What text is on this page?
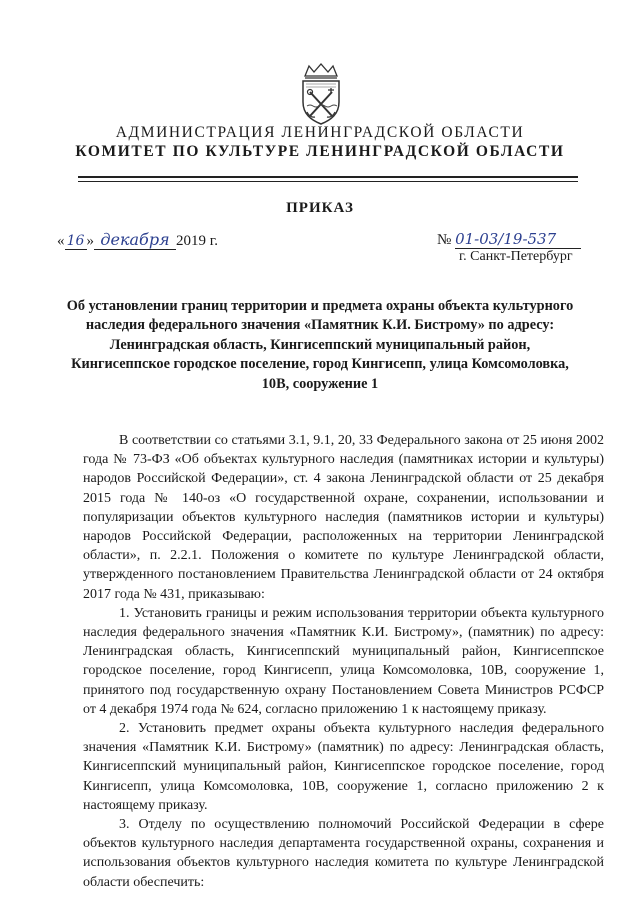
АДМИНИСТРАЦИЯ ЛЕНИНГРАДСКОЙ ОБЛАСТИ
КОМИТЕТ ПО КУЛЬТУРЕ ЛЕНИНГРАДСКОЙ ОБЛАСТИ
ПРИКАЗ
« 16 » декабря 2019 г.	№ 01-03/19-537
г. Санкт-Петербург
Об установлении границ территории и предмета охраны объекта культурного наследия федерального значения «Памятник К.И. Бистрому» по адресу: Ленинградская область, Кингисеппский муниципальный район, Кингисеппское городское поселение, город Кингисепп, улица Комсомоловка, 10В, сооружение 1

В соответствии со статьями 3.1, 9.1, 20, 33 Федерального закона от 25 июня 2002 года № 73-ФЗ «Об объектах культурного наследия (памятниках истории и культуры) народов Российской Федерации», ст. 4 закона Ленинградской области от 25 декабря 2015 года № 140-оз «О государственной охране, сохранении, использовании и популяризации объектов культурного наследия (памятников истории и культуры) народов Российской Федерации, расположенных на территории Ленинградской области», п. 2.2.1. Положения о комитете по культуре Ленинградской области, утвержденного постановлением Правительства Ленинградской области от 24 октября 2017 года № 431, приказываю:

1. Установить границы и режим использования территории объекта культурного наследия федерального значения «Памятник К.И. Бистрому», (памятник) по адресу: Ленинградская область, Кингисеппский муниципальный район, Кингисеппское городское поселение, город Кингисепп, улица Комсомоловка, 10В, сооружение 1, принятого под государственную охрану Постановлением Совета Министров РСФСР от 4 декабря 1974 года № 624, согласно приложению 1 к настоящему приказу.

2. Установить предмет охраны объекта культурного наследия федерального значения «Памятник К.И. Бистрому» (памятник) по адресу: Ленинградская область, Кингисеппский муниципальный район, Кингисеппское городское поселение, город Кингисепп, улица Комсомоловка, 10В, сооружение 1, согласно приложению 2 к настоящему приказу.

3. Отделу по осуществлению полномочий Российской Федерации в сфере объектов культурного наследия департамента государственной охраны, сохранения и использования объектов культурного наследия комитета по культуре Ленинградской области обеспечить:
